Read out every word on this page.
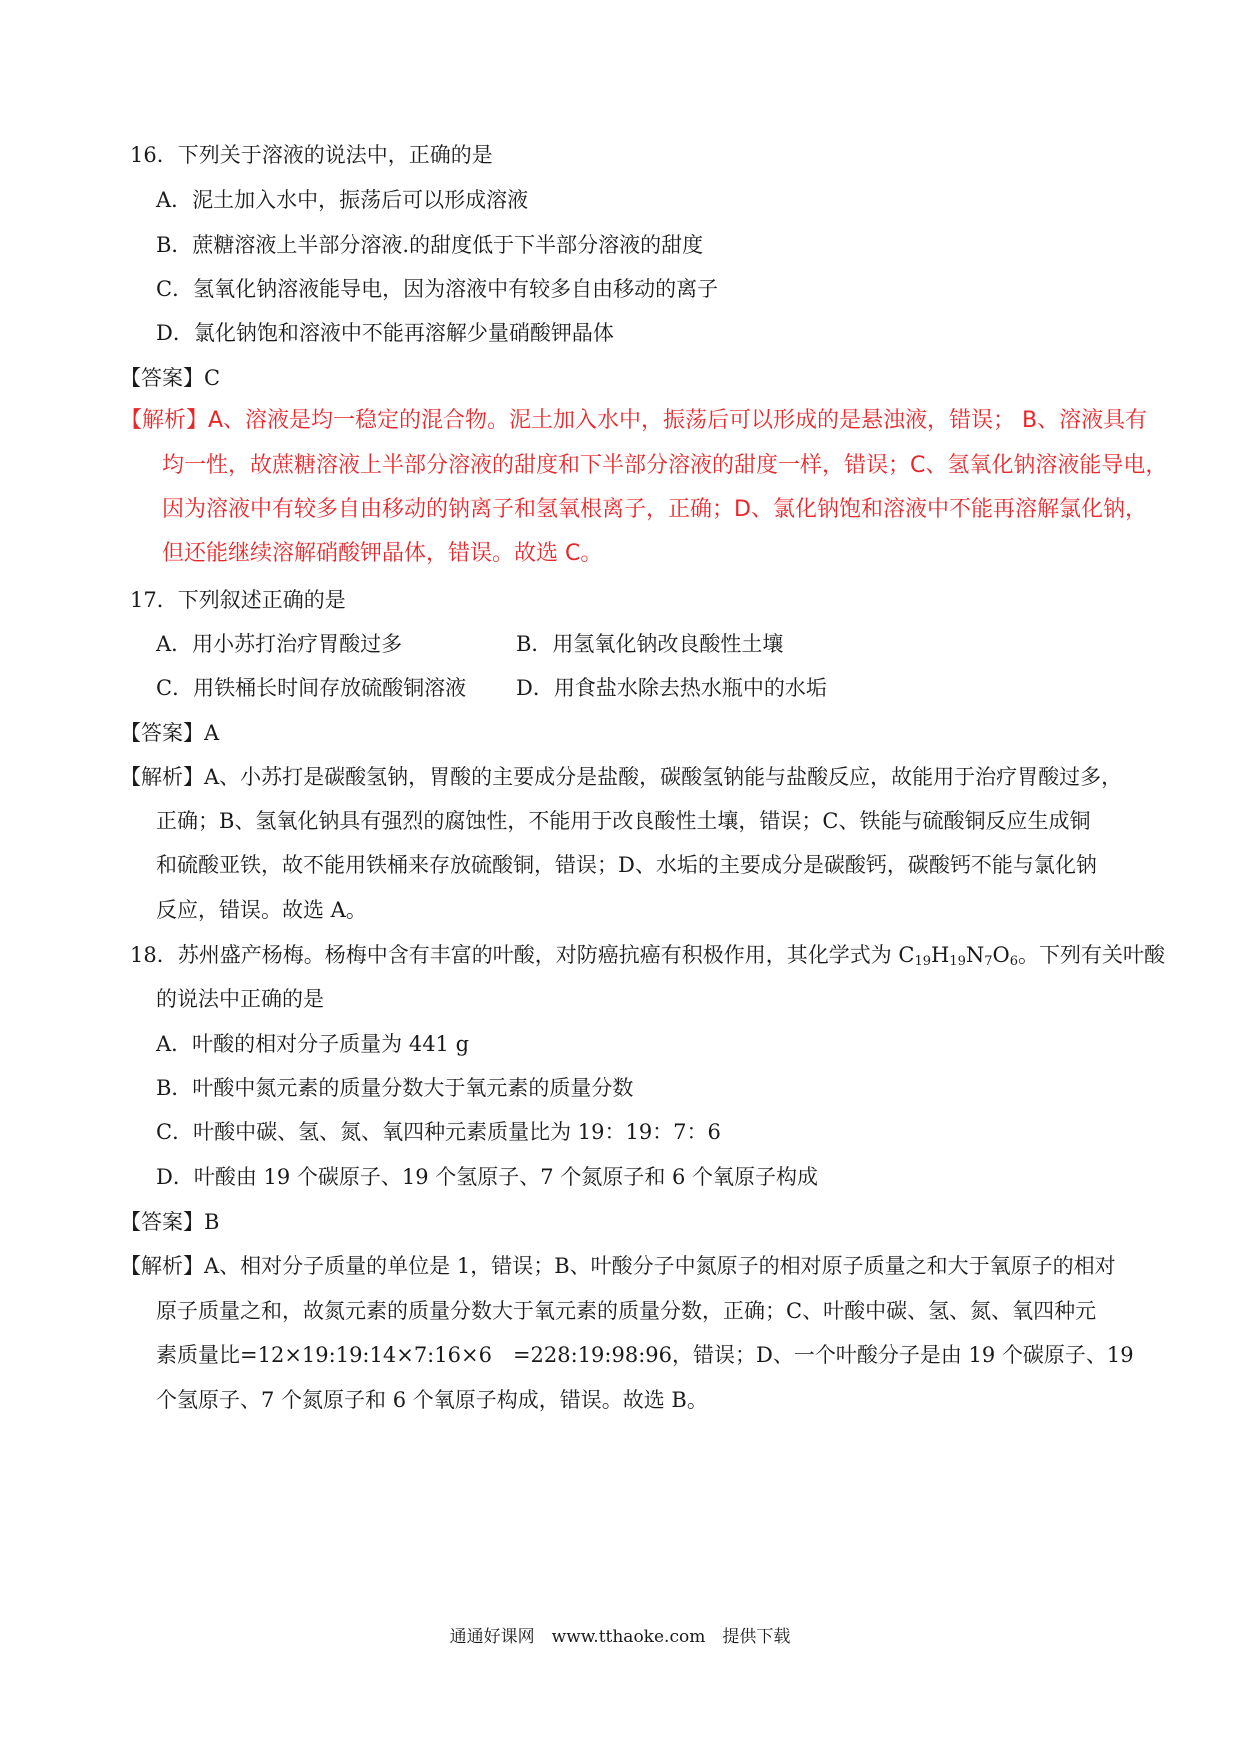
16．下列关于溶液的说法中，正确的是
A．泥土加入水中，振荡后可以形成溶液
B．蔗糖溶液上半部分溶液.的甜度低于下半部分溶液的甜度
C．氢氧化钠溶液能导电，因为溶液中有较多自由移动的离子
D．氯化钠饱和溶液中不能再溶解少量硝酸钾晶体
【答案】C
【解析】A、溶液是均一稳定的混合物。泥土加入水中，振荡后可以形成的是悬浊液，错误； B、溶液具有
均一性，故蔗糖溶液上半部分溶液的甜度和下半部分溶液的甜度一样，错误；C、氢氧化钠溶液能导电，
因为溶液中有较多自由移动的钠离子和氢氧根离子，正确；D、氯化钠饱和溶液中不能再溶解氯化钠，
但还能继续溶解硝酸钾晶体，错误。故选 C。
17．下列叙述正确的是
A．用小苏打治疗胃酸过多	B．用氢氧化钠改良酸性土壤
C．用铁桶长时间存放硫酸铜溶液 D．用食盐水除去热水瓶中的水垢
【答案】A
【解析】A、小苏打是碳酸氢钠，胃酸的主要成分是盐酸，碳酸氢钠能与盐酸反应，故能用于治疗胃酸过多，
正确；B、氢氧化钠具有强烈的腐蚀性，不能用于改良酸性土壤，错误；C、铁能与硫酸铜反应生成铜
和硫酸亚铁，故不能用铁桶来存放硫酸铜，错误；D、水垢的主要成分是碳酸钙，碳酸钙不能与氯化钠
反应，错误。故选 A。
18．苏州盛产杨梅。杨梅中含有丰富的叶酸，对防癌抗癌有积极作用，其化学式为 $C_{19}H_{19}N_7O_6$。下列有关叶酸
的说法中正确的是
A．叶酸的相对分子质量为 441 g
B．叶酸中氮元素的质量分数大于氧元素的质量分数
C．叶酸中碳、氢、氮、氧四种元素质量比为 19：19：7：6
D．叶酸由 19 个碳原子、19 个氢原子、7 个氮原子和 6 个氧原子构成
【答案】B
【解析】A、相对分子质量的单位是 1，错误；B、叶酸分子中氮原子的相对原子质量之和大于氧原子的相对
原子质量之和，故氮元素的质量分数大于氧元素的质量分数，正确；C、叶酸中碳、氢、氮、氧四种元
素质量比=12×19:19:14×7:16×6　=228:19:98:96，错误；D、一个叶酸分子是由 19 个碳原子、19
个氢原子、7 个氮原子和 6 个氧原子构成，错误。故选 B。
通通好课网　www.tthaoke.com　提供下载
